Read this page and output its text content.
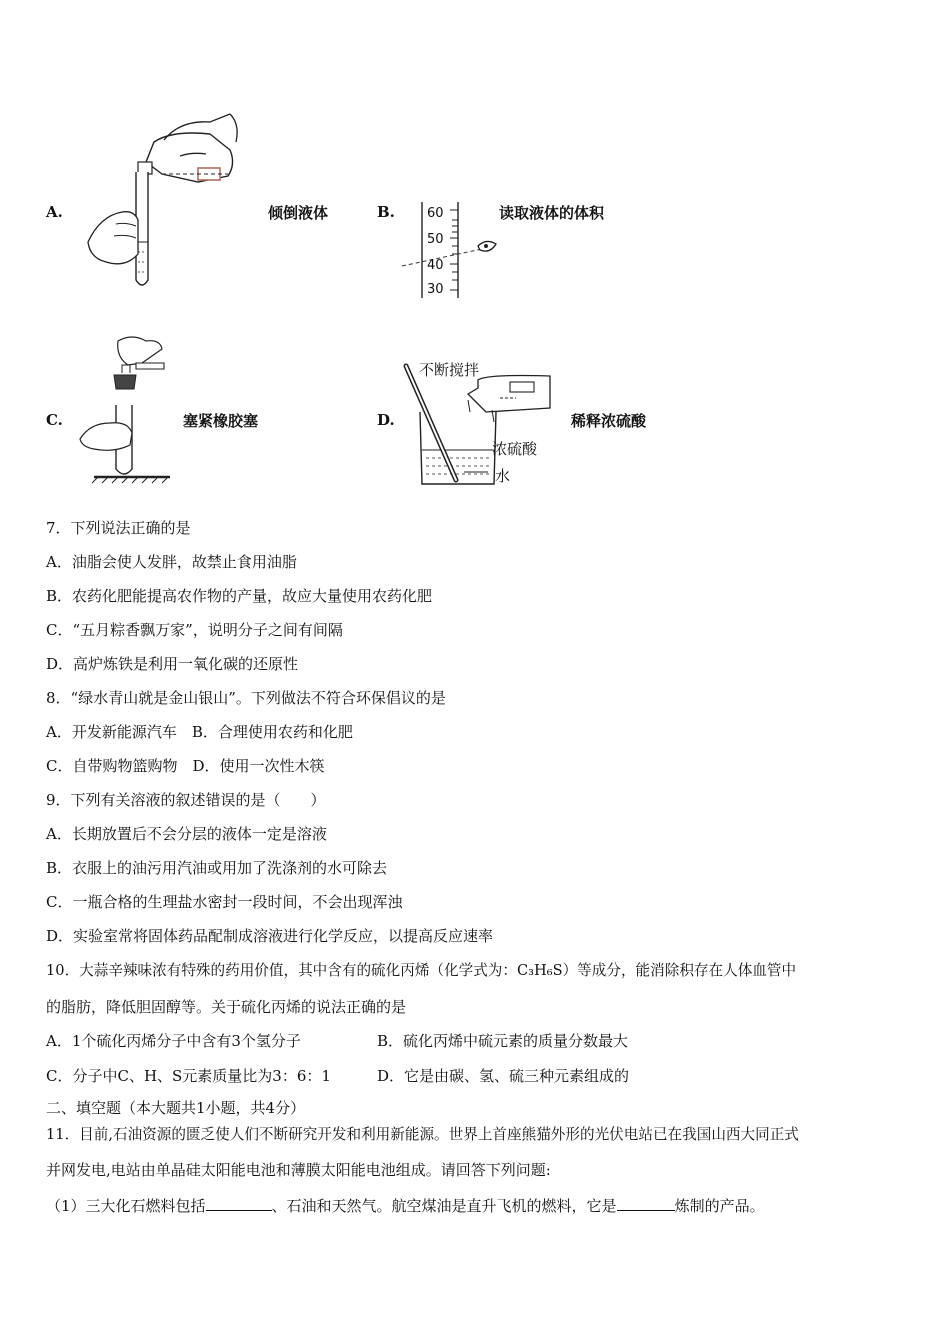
A.	倾倒液体	B. 60
50
40
30
读取液体的体积
C.	塞紧橡胶塞	D.
不断搅拌
浓硫酸
水
稀释浓硫酸
7．下列说法正确的是
A．油脂会使人发胖，故禁止食用油脂
B．农药化肥能提高农作物的产量，故应大量使用农药化肥
C．“五月粽香飘万家”，说明分子之间有间隔
D．高炉炼铁是利用一氧化碳的还原性
8．“绿水青山就是金山银山”。下列做法不符合环保倡议的是
A．开发新能源汽车　B．合理使用农药和化肥
C．自带购物篮购物　D．使用一次性木筷
9．下列有关溶液的叙述错误的是（　　）
A．长期放置后不会分层的液体一定是溶液
B．衣服上的油污用汽油或用加了洗涤剂的水可除去
C．一瓶合格的生理盐水密封一段时间，不会出现浑浊
D．实验室常将固体药品配制成溶液进行化学反应，以提高反应速率
10．大蒜辛辣味浓有特殊的药用价值，其中含有的硫化丙烯（化学式为：C₃H₆S）等成分，能消除积存在人体血管中
的脂肪，降低胆固醇等。关于硫化丙烯的说法正确的是
A．1个硫化丙烯分子中含有3个氢分子	B．硫化丙烯中硫元素的质量分数最大
C．分子中C、H、S元素质量比为3：6：1	D．它是由碳、氢、硫三种元素组成的
二、填空题（本大题共1小题，共4分）
11．目前,石油资源的匮乏使人们不断研究开发和利用新能源。世界上首座熊猫外形的光伏电站已在我国山西大同正式
并网发电,电站由单晶硅太阳能电池和薄膜太阳能电池组成。请回答下列问题:
（1）三大化石燃料包括	、石油和天然气。航空煤油是直升飞机的燃料，它是	炼制的产品。
